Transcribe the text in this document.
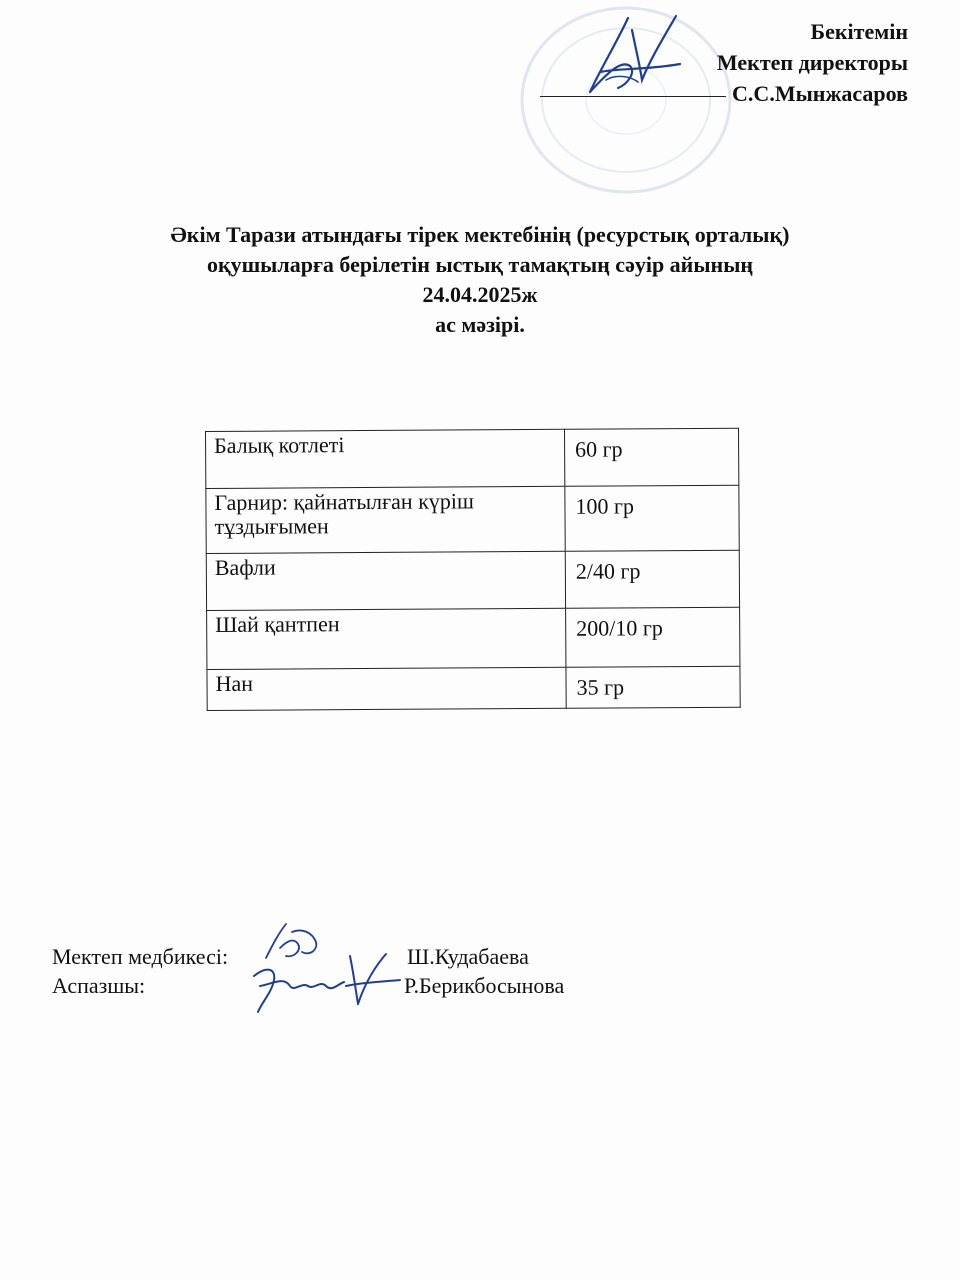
Бекітемін
Мектеп директоры
С.С.Мынжасаров
Әкім Тарази атындағы тірек мектебінің (ресурстық орталық)
оқушыларға берілетін ыстық тамақтың сәуір айының
24.04.2025ж
ас мәзірі.
Балық котлеті	60 гр
Гарнир: қайнатылған күріш тұздығымен	100 гр
Вафли	2/40 гр
Шай қантпен	200/10 гр
Нан	35 гр
Мектеп медбикесі:	Ш.Кудабаева
Аспазшы:	Р.Берикбосынова
